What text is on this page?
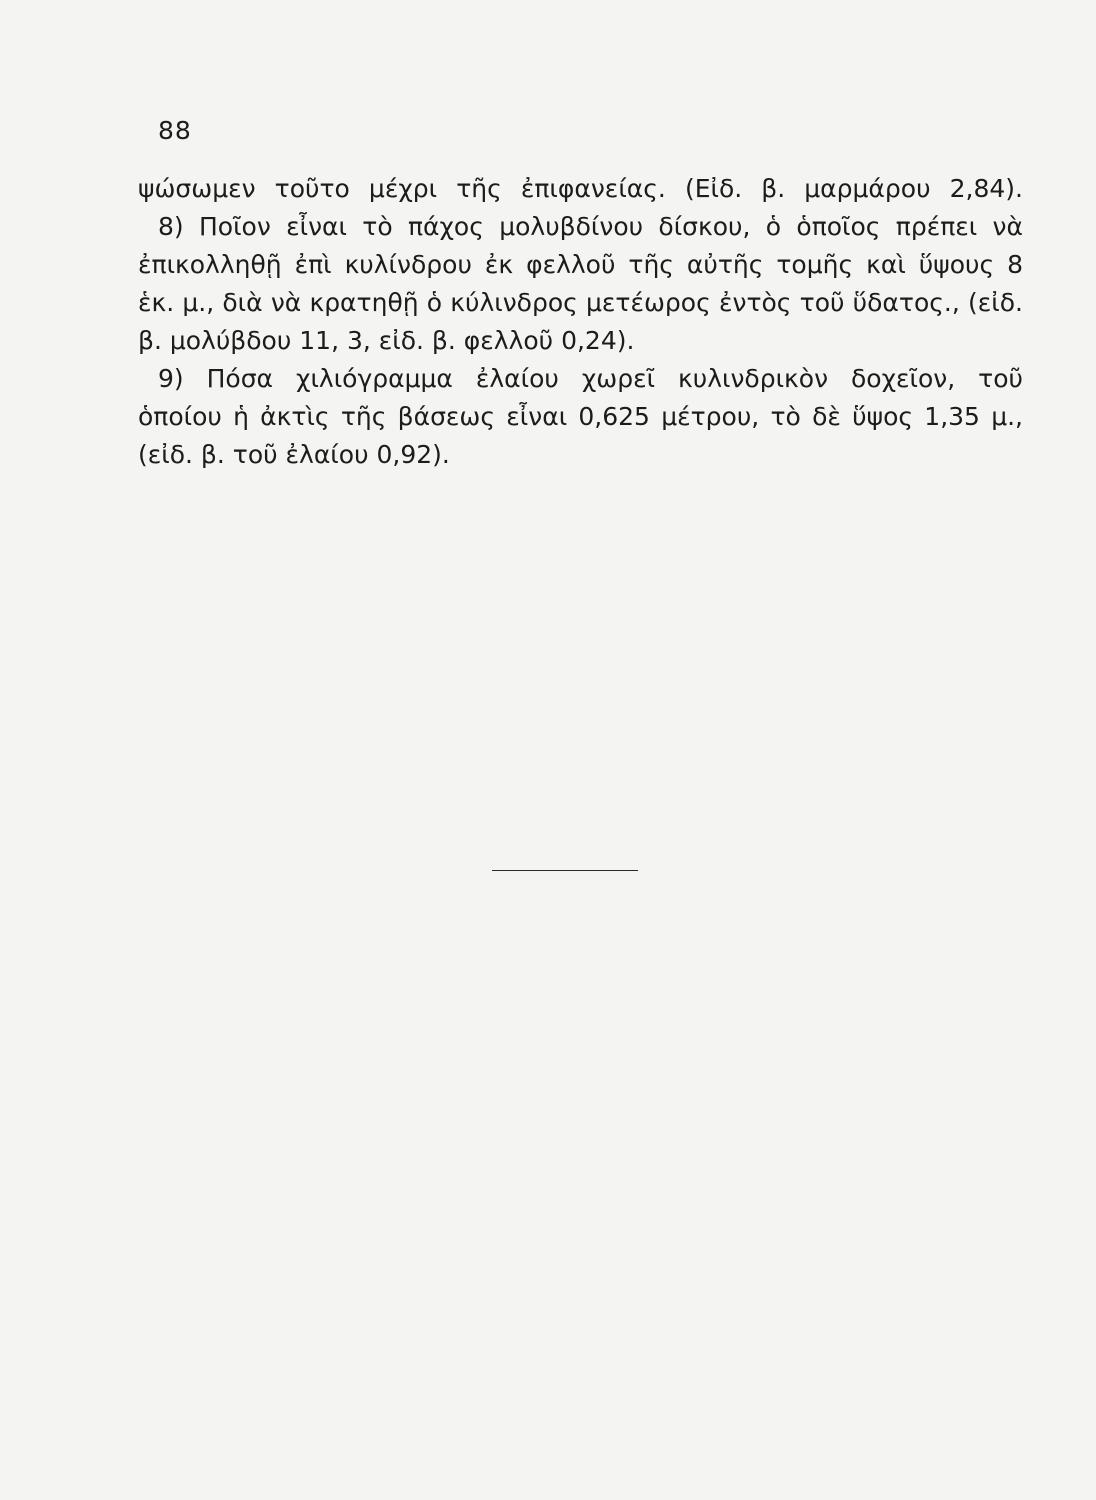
88
ψώσωμεν τοῦτο μέχρι τῆς ἐπιφανείας. (Εἰδ. β. μαρμάρου 2,84).
8) Ποῖον εἶναι τὸ πάχος μολυβδίνου δίσκου, ὁ ὁποῖος πρέπει νὰ
ἐπικολληθῇ ἐπὶ κυλίνδρου ἐκ φελλοῦ τῆς αὐτῆς τομῆς καὶ ὕψους 8
ἑκ. μ., διὰ νὰ κρατηθῇ ὁ κύλινδρος μετέωρος ἐντὸς τοῦ ὕδατος., (εἰδ.
β. μολύβδου 11, 3, εἰδ. β. φελλοῦ 0,24).
9) Πόσα χιλιόγραμμα ἐλαίου χωρεῖ κυλινδρικὸν δοχεῖον, τοῦ
ὁποίου ἡ ἀκτὶς τῆς βάσεως εἶναι 0,625 μέτρου, τὸ δὲ ὕψος 1,35 μ.,
(εἰδ. β. τοῦ ἐλαίου 0,92).
